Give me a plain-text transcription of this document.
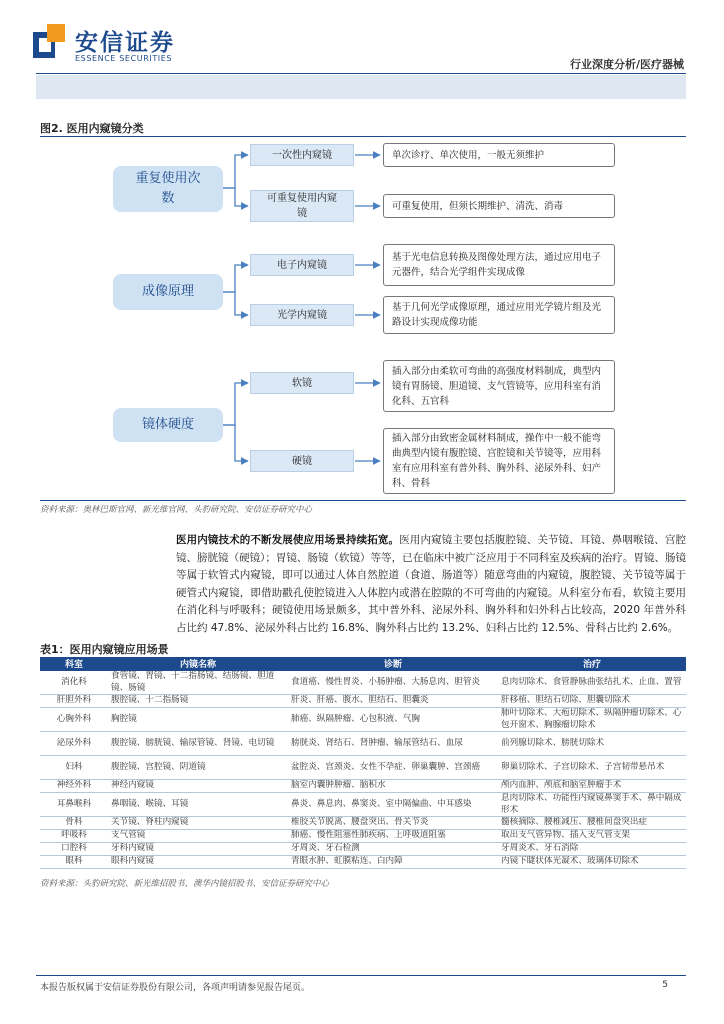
安信证券
ESSENCE SECURITIES	行业深度分析/医疗器械
图2. 医用内窥镜分类
重复使用次数
一次性内窥镜
可重复使用内窥镜
单次诊疗、单次使用，一般无须维护
可重复使用，但须长期维护、清洗、消毒
成像原理
电子内窥镜
光学内窥镜
基于光电信息转换及图像处理方法，通过应用电子元器件，结合光学组件实现成像
基于几何光学成像原理，通过应用光学镜片组及光路设计实现成像功能
镜体硬度
软镜
硬镜
插入部分由柔软可弯曲的高强度材料制成，典型内镜有胃肠镜、胆道镜、支气管镜等，应用科室有消化科、五官科
插入部分由致密金属材料制成，操作中一般不能弯曲典型内镜有腹腔镜、宫腔镜和关节镜等，应用科室有应用科室有普外科、胸外科、泌尿外科、妇产科、骨科
资料来源：奥林巴斯官网、新光维官网、头豹研究院、安信证券研究中心
医用内镜技术的不断发展使应用场景持续拓宽。医用内窥镜主要包括腹腔镜、关节镜、耳镜、鼻咽喉镜、宫腔镜、膀胱镜（硬镜）；胃镜、肠镜（软镜）等等，已在临床中被广泛应用于不同科室及疾病的治疗。胃镜、肠镜等属于软管式内窥镜，即可以通过人体自然腔道（食道、肠道等）随意弯曲的内窥镜，腹腔镜、关节镜等属于硬管式内窥镜，即借助戳孔使腔镜进入人体腔内或潜在腔隙的不可弯曲的内窥镜。从科室分布看，软镜主要用在消化科与呼吸科；硬镜使用场景颇多，其中普外科、泌尿外科、胸外科和妇外科占比较高，2020 年普外科占比约 47.8%、泌尿外科占比约 16.8%、胸外科占比约 13.2%、妇科占比约 12.5%、骨科占比约 2.6%。
表1：医用内窥镜应用场景
科室	内镜名称	诊断	治疗
消化科	食管镜、胃镜、十二指肠镜、结肠镜、胆道镜、肠镜	食道癌、慢性胃炎、小肠肿瘤、大肠息肉、胆管炎	息肉切除术、食管静脉曲张结扎术、止血、置管
肝胆外科	腹腔镜、十二指肠镜	肝炎、肝癌、腹水、胆结石、胆囊炎	肝移植、胆结石切除、胆囊切除术
心胸外科	胸腔镜	肺癌、纵隔肿瘤、心包积液、气胸	肺叶切除术、大疱切除术、纵隔肿瘤切除术、心包开窗术、胸腺瘤切除术
泌尿外科	腹腔镜、膀胱镜、输尿管镜、肾镜、电切镜	膀胱炎、肾结石、肾肿瘤、输尿管结石、血尿	前列腺切除术、膀胱切除术
妇科	腹腔镜、宫腔镜、阴道镜	盆腔炎、宫颈炎、女性不孕症、卵巢囊肿、宫颈癌	卵巢切除术、子宫切除术、子宫韧带悬吊术
神经外科	神经内窥镜	脑室内囊肿肿瘤、脑积水	颅内血肿、颅底和脑室肿瘤手术
耳鼻喉科	鼻咽镜、喉镜、耳镜	鼻炎、鼻息肉、鼻窦炎、室中隔偏曲、中耳感染	息肉切除术、功能性内窥镜鼻窦手术、鼻中隔成形术
骨科	关节镜、脊柱内窥镜	椎胶关节脱离、腰盘突出、骨关节炎	髓核摘除、腰椎减压、腰椎间盘突出症
呼吸科	支气管镜	肺癌、慢性阻塞性肺疾病、上呼吸道阻塞	取出支气管异物、插入支气管支架
口腔科	牙科内窥镜	牙周炎、牙石检测	牙周炎术、牙石消除
眼科	眼科内窥镜	青眼水肿、虹膜粘连、白内障	内镜下睫状体光凝术、玻璃体切除术
资料来源：头豹研究院、新光维招股书、澳华内镜招股书、安信证券研究中心
本报告版权属于安信证券股份有限公司，各项声明请参见报告尾页。	5
